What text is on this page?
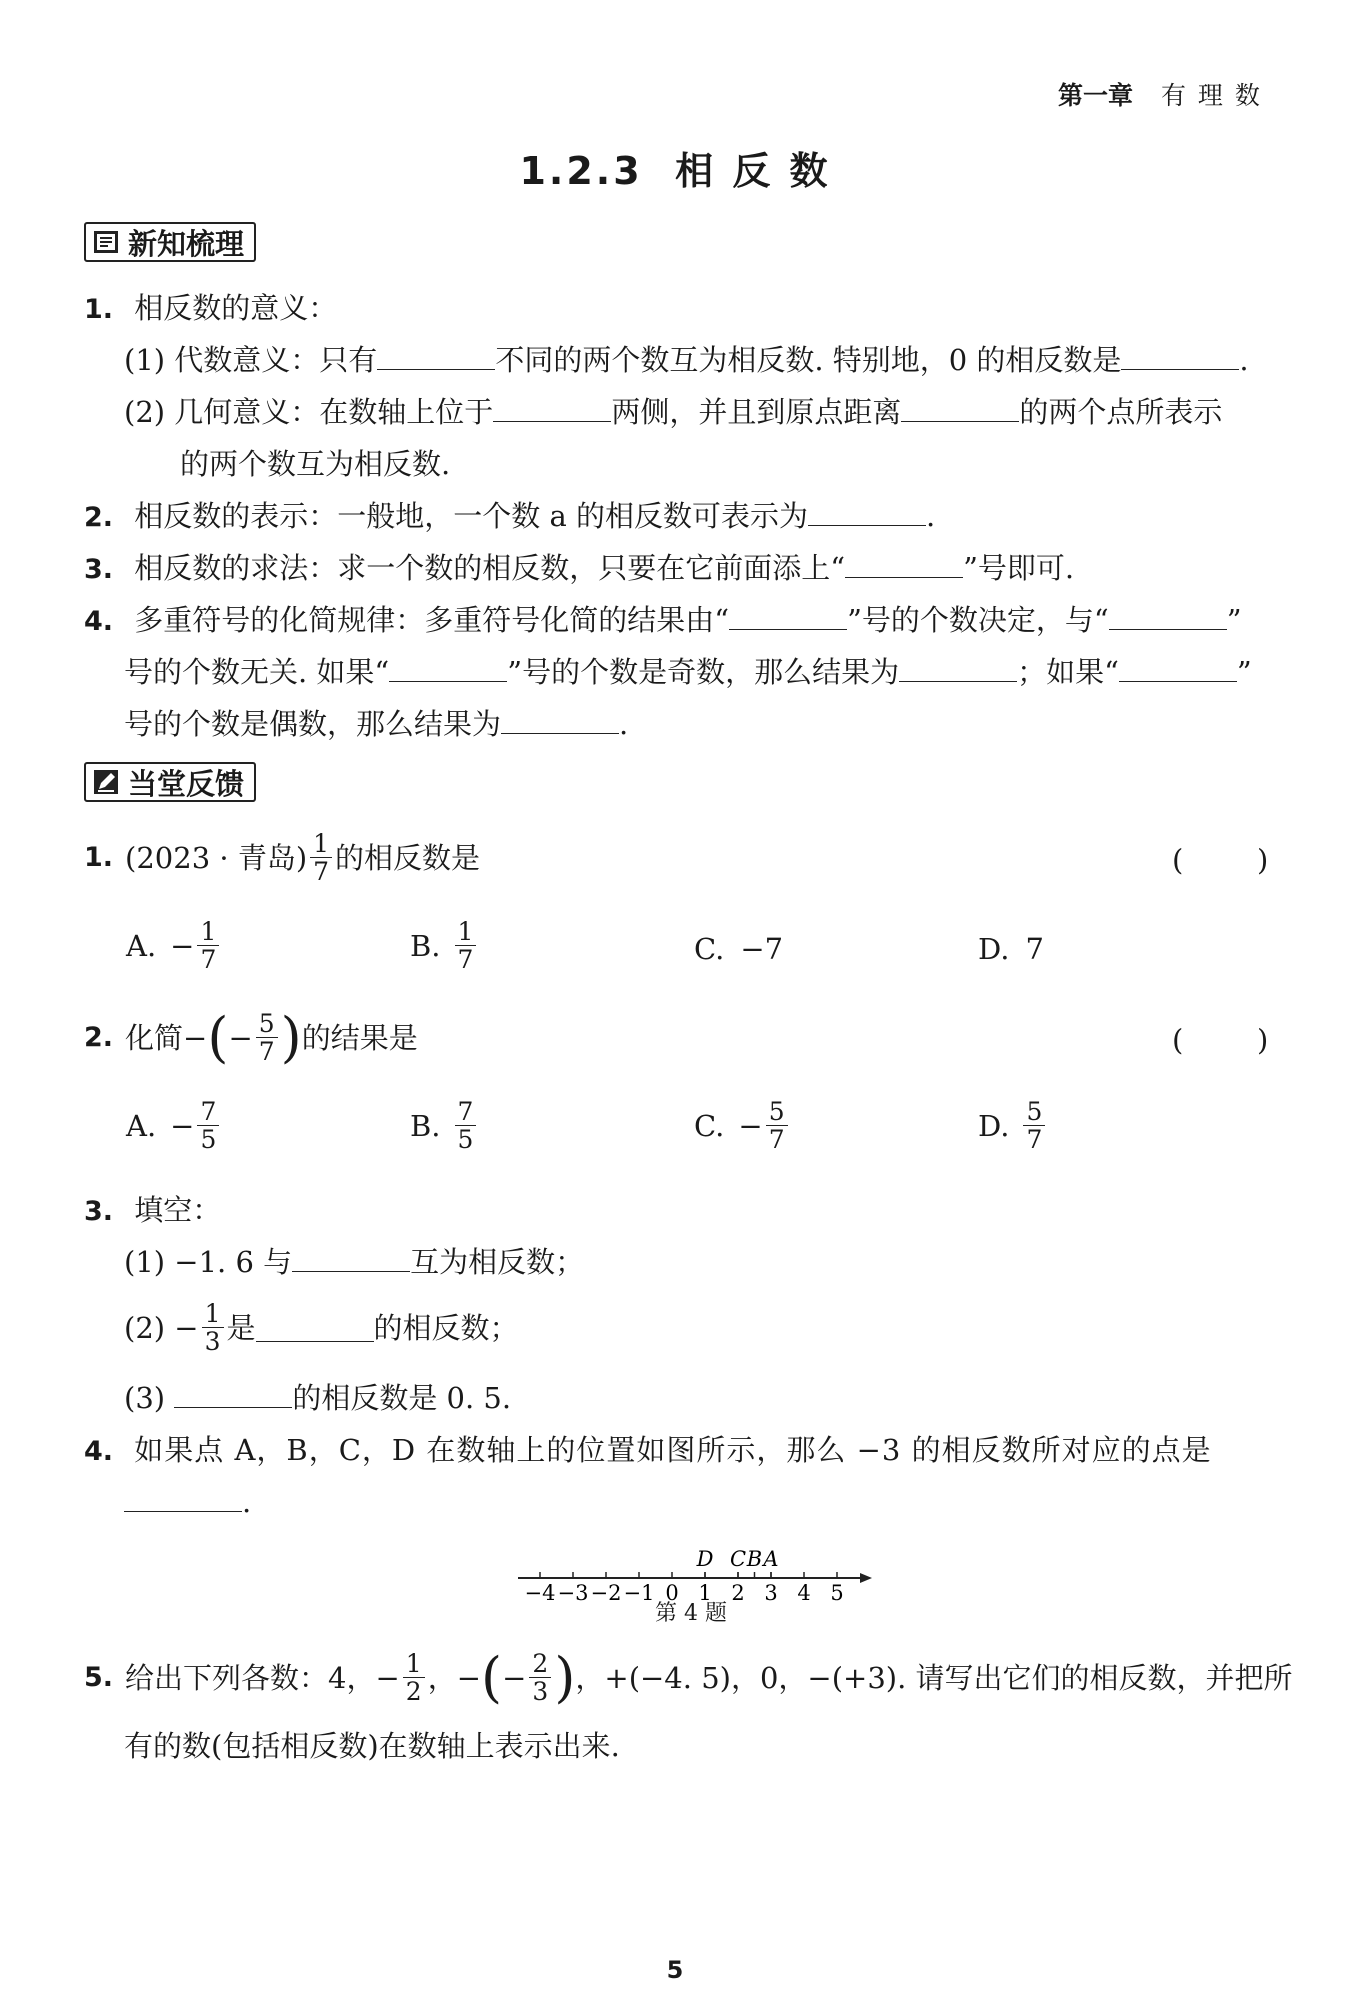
第一章 有 理 数
1.2.3  相 反 数
新知梳理
1. 相反数的意义：
(1) 代数意义：只有	不同的两个数互为相反数. 特别地，0 的相反数是	.
(2) 几何意义：在数轴上位于	两侧，并且到原点距离	的两个点所表示
的两个数互为相反数.
2. 相反数的表示：一般地，一个数 a 的相反数可表示为	.
3. 相反数的求法：求一个数的相反数，只要在它前面添上“	”号即可.
4. 多重符号的化简规律：多重符号化简的结果由“	”号的个数决定，与“	”
号的个数无关. 如果“	”号的个数是奇数，那么结果为	；如果“	”
号的个数是偶数，那么结果为	.
当堂反馈
1. (2023 · 青岛) $\frac{1}{7}$ 的相反数是	(        )
A. − $\frac{1}{7}$	B. $\frac{1}{7}$	C. −7	D. 7
2. 化简− ( − $\frac{5}{7}$ ) 的结果是	(        )
A. − $\frac{7}{5}$	B. $\frac{7}{5}$	C. − $\frac{5}{7}$	D. $\frac{5}{7}$
3. 填空：
(1) −1. 6 与	互为相反数；
$(2) - \frac{1}{3}$ 是	的相反数；
(3)	的相反数是 0. 5.
4. 如果点 A，B，C，D 在数轴上的位置如图所示，那么 −3 的相反数所对应的点是
.
−4 −3 −2 −1 0 1 2 3 4 5
D C B A
第 4 题
5. 给出下列各数：4，− $\frac{1}{2}$ ，− ( − $\frac{2}{3}$ ) ，+(−4. 5)，0，−(+3). 请写出它们的相反数，并把所
有的数(包括相反数)在数轴上表示出来.
5
